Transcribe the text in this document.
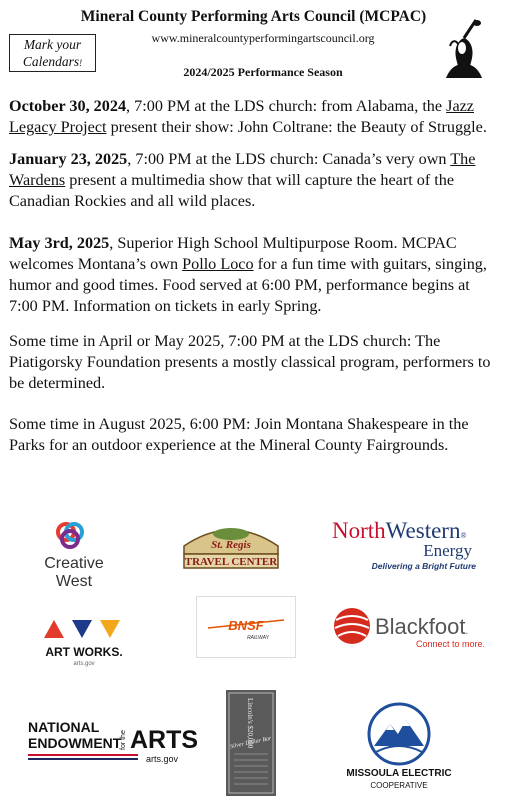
Mineral County Performing Arts Council (MCPAC)
www.mineralcountyperformingartscouncil.org
2024/2025 Performance Season
Mark your
Calendars!

October 30, 2024, 7:00 PM at the LDS church: from Alabama, the Jazz Legacy Project present their show: John Coltrane: the Beauty of Struggle.

January 23, 2025, 7:00 PM at the LDS church: Canada’s very own The Wardens present a multimedia show that will capture the heart of the Canadian Rockies and all wild places.

May 3rd, 2025, Superior High School Multipurpose Room. MCPAC welcomes Montana’s own Pollo Loco for a fun time with guitars, singing, humor and good times. Food served at 6:00 PM, performance begins at 7:00 PM. Information on tickets in early Spring.

Some time in April or May 2025, 7:00 PM at the LDS church: The Piatigorsky Foundation presents a mostly classical program, performers to be determined.

Some time in August 2025, 6:00 PM: Join Montana Shakespeare in the Parks for an outdoor experience at the Mineral County Fairgrounds.

Creative
West
St. Regis
TRAVEL CENTER
NorthWestern®
Energy
Delivering a Bright Future
ART WORKS.
arts.gov
BNSF
RAILWAY	Blackfoot.
Connect to more.
NATIONAL
ENDOWMENT
for the ARTS
arts.gov
Lincoln's $20,000
Silver Dollar Bar
MISSOULA ELECTRIC
COOPERATIVE
